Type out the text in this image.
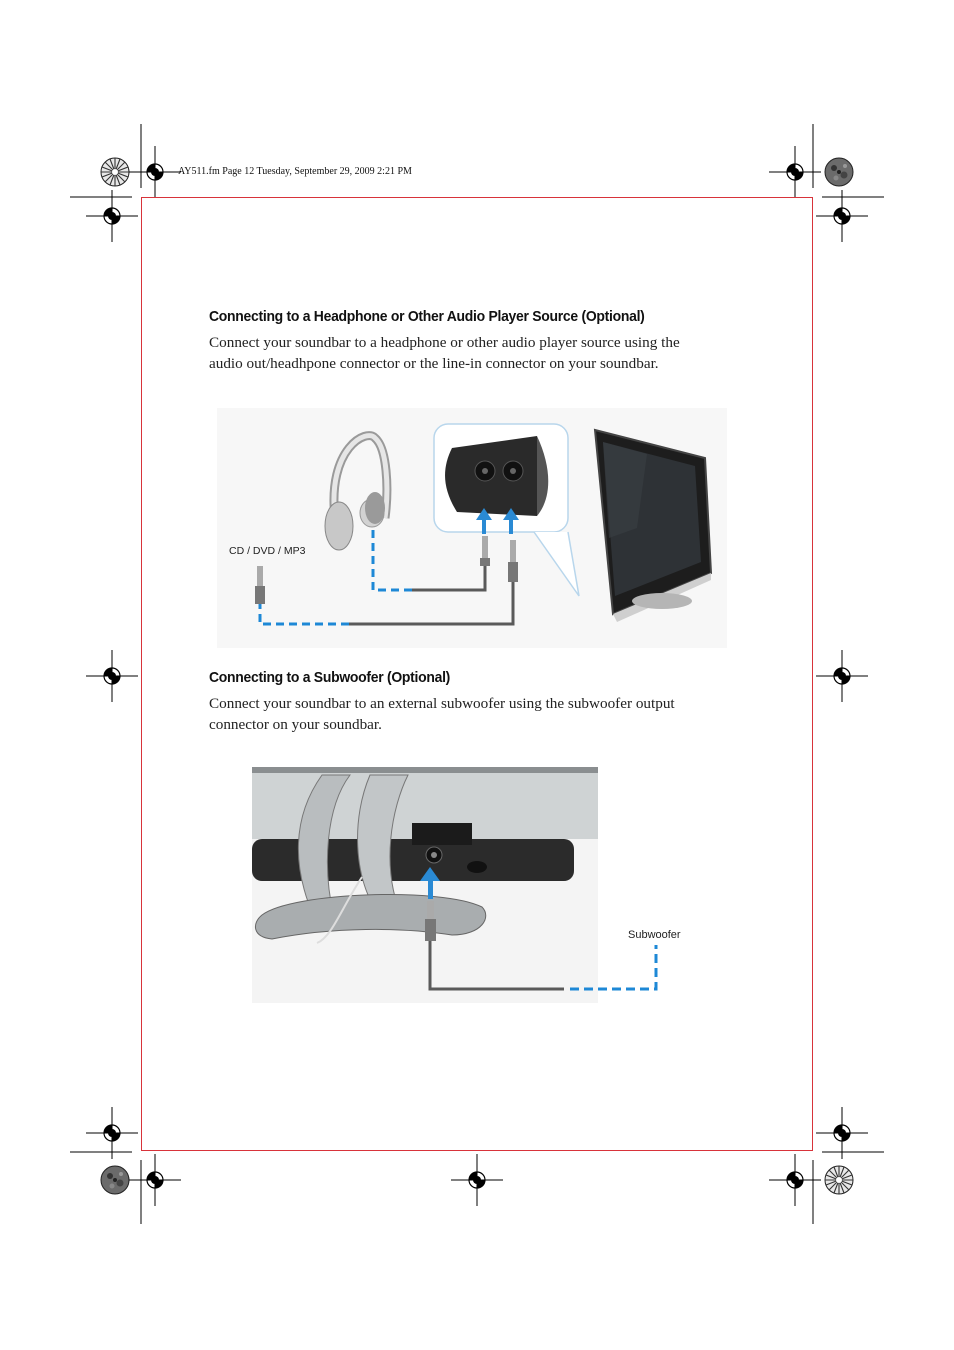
AY511.fm Page 12 Tuesday, September 29, 2009 2:21 PM
Connecting to a Headphone or Other Audio Player Source (Optional)

Connect your soundbar to a headphone or other audio player source using the

audio out/headhpone connector or the line-in connector on your soundbar.

CD / DVD / MP3
Connecting to a Subwoofer (Optional)

Connect your soundbar to an external subwoofer using the subwoofer output

connector on your soundbar.

Subwoofer
